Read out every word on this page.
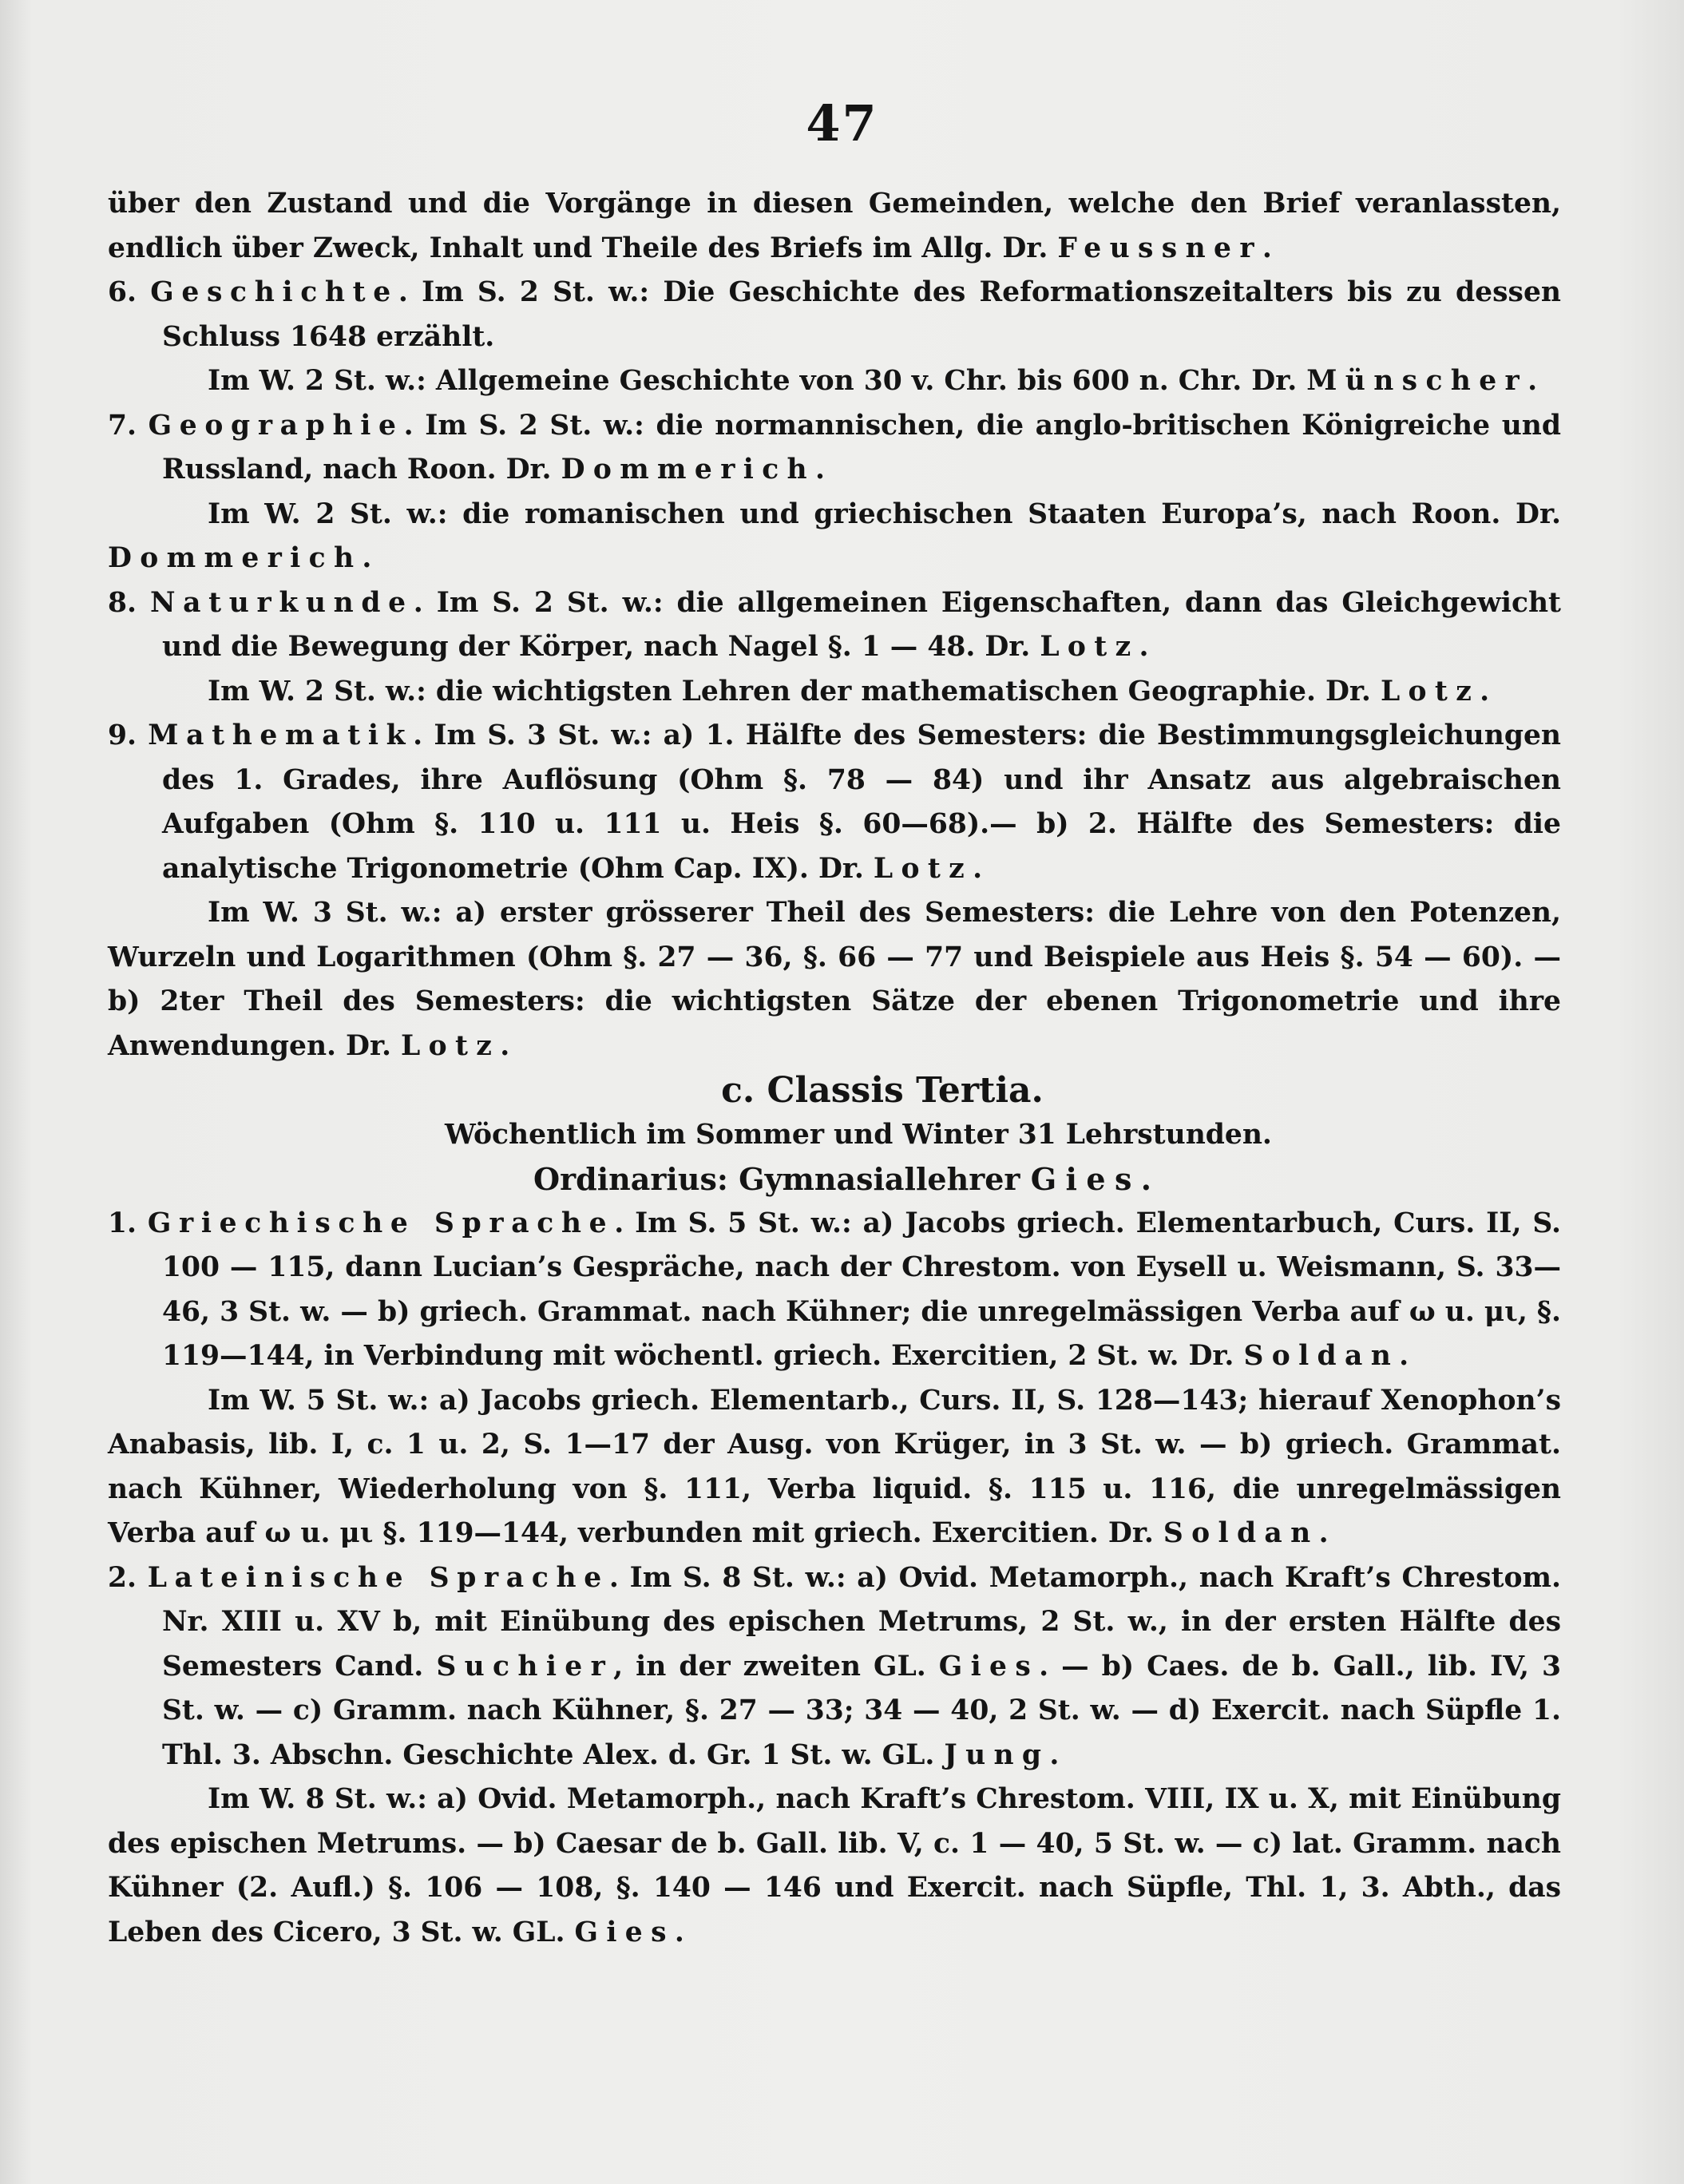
47

über den Zustand und die Vorgänge in diesen Gemeinden, welche den Brief veranlassten, endlich über Zweck, Inhalt und Theile des Briefs im Allg. Dr. Feussner.

6. Geschichte. Im S. 2 St. w.: Die Geschichte des Reformationszeitalters bis zu dessen Schluss 1648 erzählt.

Im W. 2 St. w.: Allgemeine Geschichte von 30 v. Chr. bis 600 n. Chr. Dr. Münscher.

7. Geographie. Im S. 2 St. w.: die normannischen, die anglo-britischen Königreiche und Russland, nach Roon. Dr. Dommerich.

Im W. 2 St. w.: die romanischen und griechischen Staaten Europa’s, nach Roon. Dr. Dommerich.

8. Naturkunde. Im S. 2 St. w.: die allgemeinen Eigenschaften, dann das Gleichgewicht und die Bewegung der Körper, nach Nagel §. 1 — 48. Dr. Lotz.

Im W. 2 St. w.: die wichtigsten Lehren der mathematischen Geographie. Dr. Lotz.

9. Mathematik. Im S. 3 St. w.: a) 1. Hälfte des Semesters: die Bestimmungsgleichungen des 1. Grades, ihre Auflösung (Ohm §. 78 — 84) und ihr Ansatz aus algebraischen Aufgaben (Ohm §. 110 u. 111 u. Heis §. 60—68).— b) 2. Hälfte des Semesters: die analytische Trigonometrie (Ohm Cap. IX). Dr. Lotz.

Im W. 3 St. w.: a) erster grösserer Theil des Semesters: die Lehre von den Potenzen, Wurzeln und Logarithmen (Ohm §. 27 — 36, §. 66 — 77 und Beispiele aus Heis §. 54 — 60). — b) 2ter Theil des Semesters: die wichtigsten Sätze der ebenen Trigonometrie und ihre Anwendungen. Dr. Lotz.

c. Classis Tertia.

Wöchentlich im Sommer und Winter 31 Lehrstunden.

Ordinarius: Gymnasiallehrer Gies.

1. Griechische Sprache. Im S. 5 St. w.: a) Jacobs griech. Elementarbuch, Curs. II, S. 100 — 115, dann Lucian’s Gespräche, nach der Chrestom. von Eysell u. Weismann, S. 33—46, 3 St. w. — b) griech. Grammat. nach Kühner; die unregelmässigen Verba auf ω u. μι, §. 119—144, in Verbindung mit wöchentl. griech. Exercitien, 2 St. w. Dr. Soldan.

Im W. 5 St. w.: a) Jacobs griech. Elementarb., Curs. II, S. 128—143; hierauf Xenophon’s Anabasis, lib. I, c. 1 u. 2, S. 1—17 der Ausg. von Krüger, in 3 St. w. — b) griech. Grammat. nach Kühner, Wiederholung von §. 111, Verba liquid. §. 115 u. 116, die unregelmässigen Verba auf ω u. μι §. 119—144, verbunden mit griech. Exercitien. Dr. Soldan.

2. Lateinische Sprache. Im S. 8 St. w.: a) Ovid. Metamorph., nach Kraft’s Chrestom. Nr. XIII u. XV b, mit Einübung des epischen Metrums, 2 St. w., in der ersten Hälfte des Semesters Cand. Suchier, in der zweiten GL. Gies. — b) Caes. de b. Gall., lib. IV, 3 St. w. — c) Gramm. nach Kühner, §. 27 — 33; 34 — 40, 2 St. w. — d) Exercit. nach Süpfle 1. Thl. 3. Abschn. Geschichte Alex. d. Gr. 1 St. w. GL. Jung.

Im W. 8 St. w.: a) Ovid. Metamorph., nach Kraft’s Chrestom. VIII, IX u. X, mit Einübung des epischen Metrums. — b) Caesar de b. Gall. lib. V, c. 1 — 40, 5 St. w. — c) lat. Gramm. nach Kühner (2. Aufl.) §. 106 — 108, §. 140 — 146 und Exercit. nach Süpfle, Thl. 1, 3. Abth., das Leben des Cicero, 3 St. w. GL. Gies.
